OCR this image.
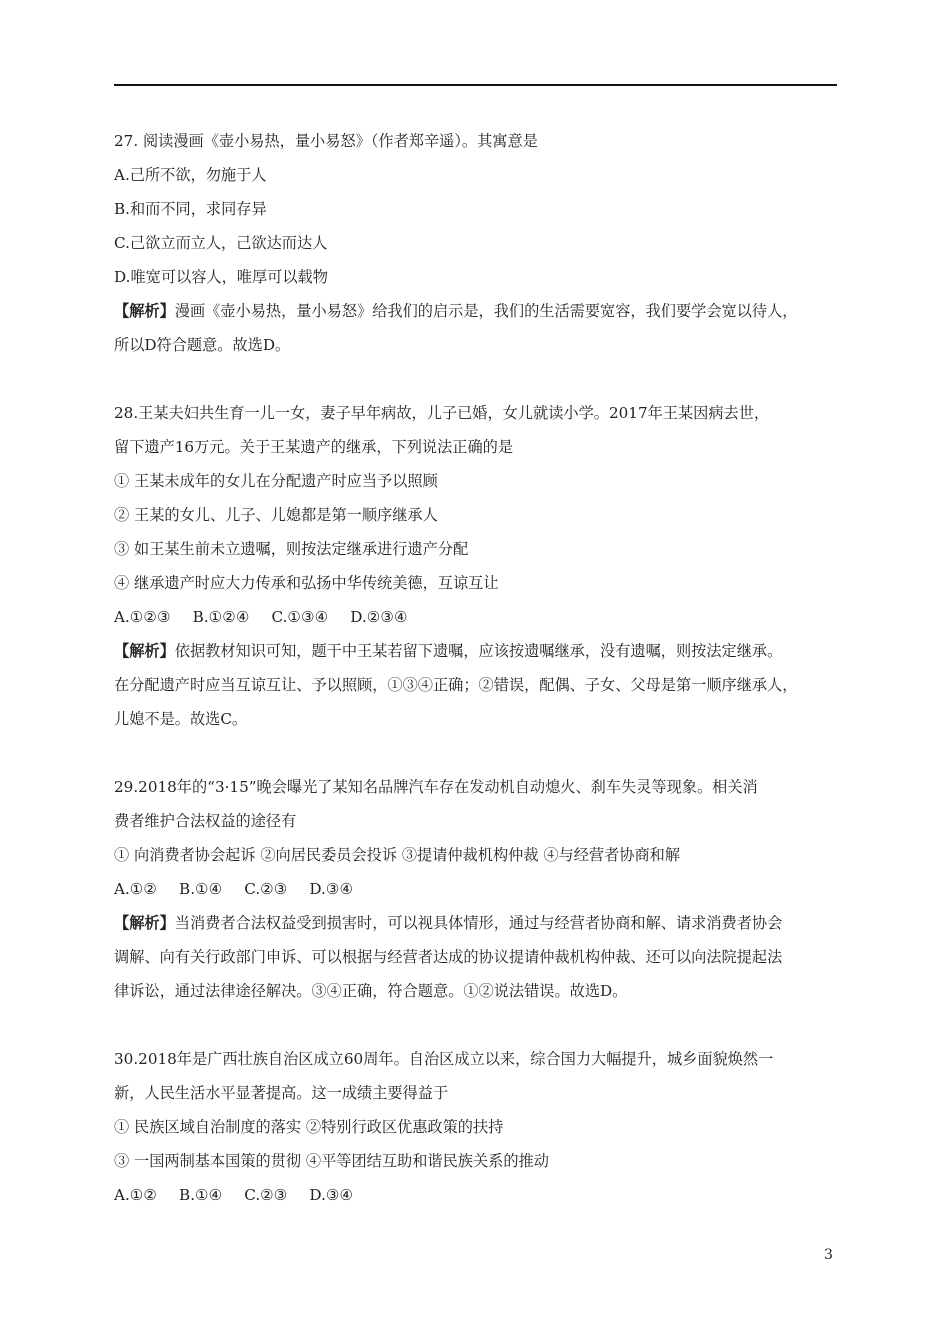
27. 阅读漫画《壶小易热，量小易怒》（作者郑辛遥）。其寓意是
A.己所不欲，勿施于人
B.和而不同，求同存异
C.己欲立而立人，己欲达而达人
D.唯宽可以容人，唯厚可以载物
【解析】漫画《壶小易热，量小易怒》给我们的启示是，我们的生活需要宽容，我们要学会宽以待人，
所以D符合题意。故选D。
28.王某夫妇共生育一儿一女，妻子早年病故，儿子已婚，女儿就读小学。2017年王某因病去世，
留下遗产16万元。关于王某遗产的继承，下列说法正确的是
① 王某未成年的女儿在分配遗产时应当予以照顾
② 王某的女儿、儿子、儿媳都是第一顺序继承人
③ 如王某生前未立遗嘱，则按法定继承进行遗产分配
④ 继承遗产时应大力传承和弘扬中华传统美德，互谅互让
A.①②③ B.①②④ C.①③④ D.②③④
【解析】依据教材知识可知，题干中王某若留下遗嘱，应该按遗嘱继承，没有遗嘱，则按法定继承。
在分配遗产时应当互谅互让、予以照顾，①③④正确；②错误，配偶、子女、父母是第一顺序继承人，
儿媳不是。故选C。
29.2018年的“3·15”晚会曝光了某知名品牌汽车存在发动机自动熄火、刹车失灵等现象。相关消
费者维护合法权益的途径有
① 向消费者协会起诉 ②向居民委员会投诉 ③提请仲裁机构仲裁 ④与经营者协商和解
A.①② B.①④ C.②③ D.③④
【解析】当消费者合法权益受到损害时，可以视具体情形，通过与经营者协商和解、请求消费者协会
调解、向有关行政部门申诉、可以根据与经营者达成的协议提请仲裁机构仲裁、还可以向法院提起法
律诉讼，通过法律途径解决。③④正确，符合题意。①②说法错误。故选D。
30.2018年是广西壮族自治区成立60周年。自治区成立以来，综合国力大幅提升，城乡面貌焕然一
新，人民生活水平显著提高。这一成绩主要得益于
① 民族区域自治制度的落实 ②特别行政区优惠政策的扶持
③ 一国两制基本国策的贯彻 ④平等团结互助和谐民族关系的推动
A.①② B.①④ C.②③ D.③④
3
